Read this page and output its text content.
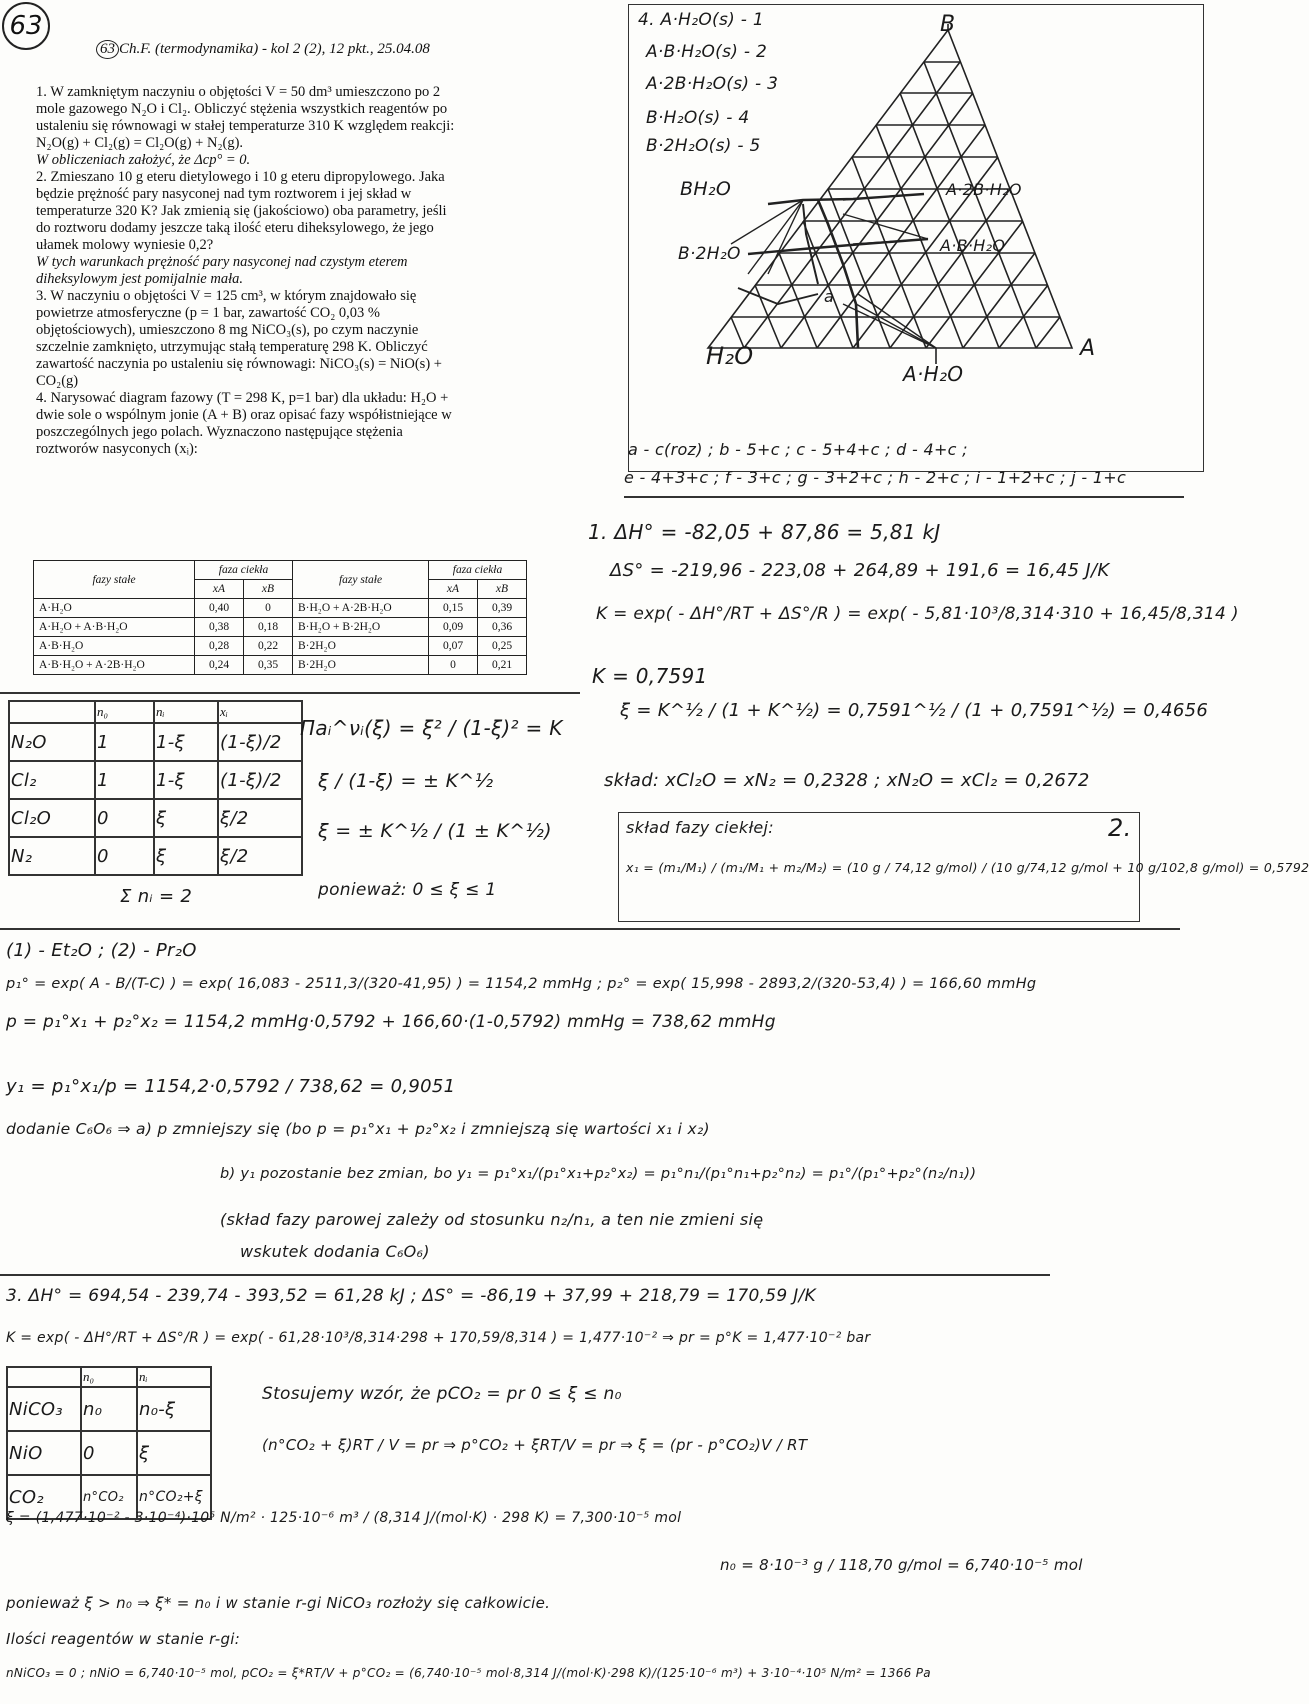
63
63 Ch.F. (termodynamika) - kol 2 (2), 12 pkt., 25.04.08
1. W zamkniętym naczyniu o objętości V = 50 dm³ umieszczono po 2
mole gazowego N₂O i Cl₂. Obliczyć stężenia wszystkich reagentów po
ustaleniu się równowagi w stałej temperaturze 310 K względem reakcji:
N₂O(g) + Cl₂(g) = Cl₂O(g) + N₂(g).
W obliczeniach założyć, że Δcp° = 0.
2. Zmieszano 10 g eteru dietylowego i 10 g eteru dipropylowego. Jaka
będzie prężność pary nasyconej nad tym roztworem i jej skład w
temperaturze 320 K? Jak zmienią się (jakościowo) oba parametry, jeśli
do roztworu dodamy jeszcze taką ilość eteru diheksylowego, że jego
ułamek molowy wyniesie 0,2?
W tych warunkach prężność pary nasyconej nad czystym eterem
diheksylowym jest pomijalnie mała.
3. W naczyniu o objętości V = 125 cm³, w którym znajdowało się
powietrze atmosferyczne (p = 1 bar, zawartość CO₂ 0,03 %
objętościowych), umieszczono 8 mg NiCO₃(s), po czym naczynie
szczelnie zamknięto, utrzymując stałą temperaturę 298 K. Obliczyć
zawartość naczynia po ustaleniu się równowagi: NiCO₃(s) = NiO(s) +
CO₂(g)
4. Narysować diagram fazowy (T = 298 K, p=1 bar) dla układu: H₂O +
dwie sole o wspólnym jonie (A + B) oraz opisać fazy współistniejące w
poszczególnych jego polach. Wyznaczono następujące stężenia
roztworów nasyconych (xᵢ):
fazy stałe	faza ciekła		fazy stałe	faza ciekła	
	xA	xB		xA	xB
A·H₂O	0,40	0	B·H₂O + A·2B·H₂O	0,15	0,39
A·H₂O + A·B·H₂O	0,38	0,18	B·H₂O + B·2H₂O	0,09	0,36
A·B·H₂O	0,28	0,22	B·2H₂O	0,07	0,25
A·B·H₂O + A·2B·H₂O	0,24	0,35	B·2H₂O	0	0,21
B
A
H₂O
4. A·H₂O(s) - 1
A·B·H₂O(s) - 2
A·2B·H₂O(s) - 3
B·H₂O(s) - 4
B·2H₂O(s) - 5
BH₂O
B·2H₂O
A·2B·H₂O
A·B·H₂O
A·H₂O
a
a - c(roz) ; b - 5+c ; c - 5+4+c ; d - 4+c ;
e - 4+3+c ; f - 3+c ; g - 3+2+c ; h - 2+c ; i - 1+2+c ; j - 1+c
1. ΔH° = -82,05 + 87,86 = 5,81 kJ
ΔS° = -219,96 - 223,08 + 264,89 + 191,6 = 16,45 J/K
K = exp( - ΔH°/RT + ΔS°/R ) = exp( - 5,81·10³/8,314·310 + 16,45/8,314 )
K = 0,7591
	n₀	nᵢ	xᵢ
N₂O	1	1-ξ	(1-ξ)/2
Cl₂	1	1-ξ	(1-ξ)/2
Cl₂O	0	ξ	ξ/2
N₂	0	ξ	ξ/2
Σ nᵢ = 2
Πaᵢ^νᵢ(ξ) = ξ² / (1-ξ)² = K
ξ / (1-ξ) = ± K^½
ξ = ± K^½ / (1 ± K^½)
ponieważ: 0 ≤ ξ ≤ 1
ξ = K^½ / (1 + K^½) = 0,7591^½ / (1 + 0,7591^½) = 0,4656
skład: xCl₂O = xN₂ = 0,2328 ; xN₂O = xCl₂ = 0,2672
2.
skład fazy ciekłej:
x₁ = (m₁/M₁) / (m₁/M₁ + m₂/M₂) = (10 g / 74,12 g/mol) / (10 g/74,12 g/mol + 10 g/102,8 g/mol) = 0,5792
(1) - Et₂O ; (2) - Pr₂O
p₁° = exp( A - B/(T-C) ) = exp( 16,083 - 2511,3/(320-41,95) ) = 1154,2 mmHg ; p₂° = exp( 15,998 - 2893,2/(320-53,4) ) = 166,60 mmHg
p = p₁°x₁ + p₂°x₂ = 1154,2 mmHg·0,5792 + 166,60·(1-0,5792) mmHg = 738,62 mmHg
y₁ = p₁°x₁/p = 1154,2·0,5792 / 738,62 = 0,9051
dodanie C₆O₆ ⇒ a) p zmniejszy się (bo p = p₁°x₁ + p₂°x₂ i zmniejszą się wartości x₁ i x₂)
b) y₁ pozostanie bez zmian, bo y₁ = p₁°x₁/(p₁°x₁+p₂°x₂) = p₁°n₁/(p₁°n₁+p₂°n₂) = p₁°/(p₁°+p₂°(n₂/n₁))
(skład fazy parowej zależy od stosunku n₂/n₁, a ten nie zmieni się
wskutek dodania C₆O₆)
3. ΔH° = 694,54 - 239,74 - 393,52 = 61,28 kJ ; ΔS° = -86,19 + 37,99 + 218,79 = 170,59 J/K
K = exp( - ΔH°/RT + ΔS°/R ) = exp( - 61,28·10³/8,314·298 + 170,59/8,314 ) = 1,477·10⁻² ⇒ pr = p°K = 1,477·10⁻² bar
	n₀	nᵢ
NiCO₃	n₀	n₀-ξ
NiO	0	ξ
CO₂	n°CO₂	n°CO₂+ξ
Stosujemy wzór, że pCO₂ = pr 0 ≤ ξ ≤ n₀
(n°CO₂ + ξ)RT / V = pr ⇒ p°CO₂ + ξRT/V = pr ⇒ ξ = (pr - p°CO₂)V / RT
ξ = (1,477·10⁻² - 3·10⁻⁴)·10⁵ N/m² · 125·10⁻⁶ m³ / (8,314 J/(mol·K) · 298 K) = 7,300·10⁻⁵ mol
n₀ = 8·10⁻³ g / 118,70 g/mol = 6,740·10⁻⁵ mol
ponieważ ξ > n₀ ⇒ ξ* = n₀ i w stanie r-gi NiCO₃ rozłoży się całkowicie.
Ilości reagentów w stanie r-gi:
nNiCO₃ = 0 ; nNiO = 6,740·10⁻⁵ mol, pCO₂ = ξ*RT/V + p°CO₂ = (6,740·10⁻⁵ mol·8,314 J/(mol·K)·298 K)/(125·10⁻⁶ m³) + 3·10⁻⁴·10⁵ N/m² = 1366 Pa
